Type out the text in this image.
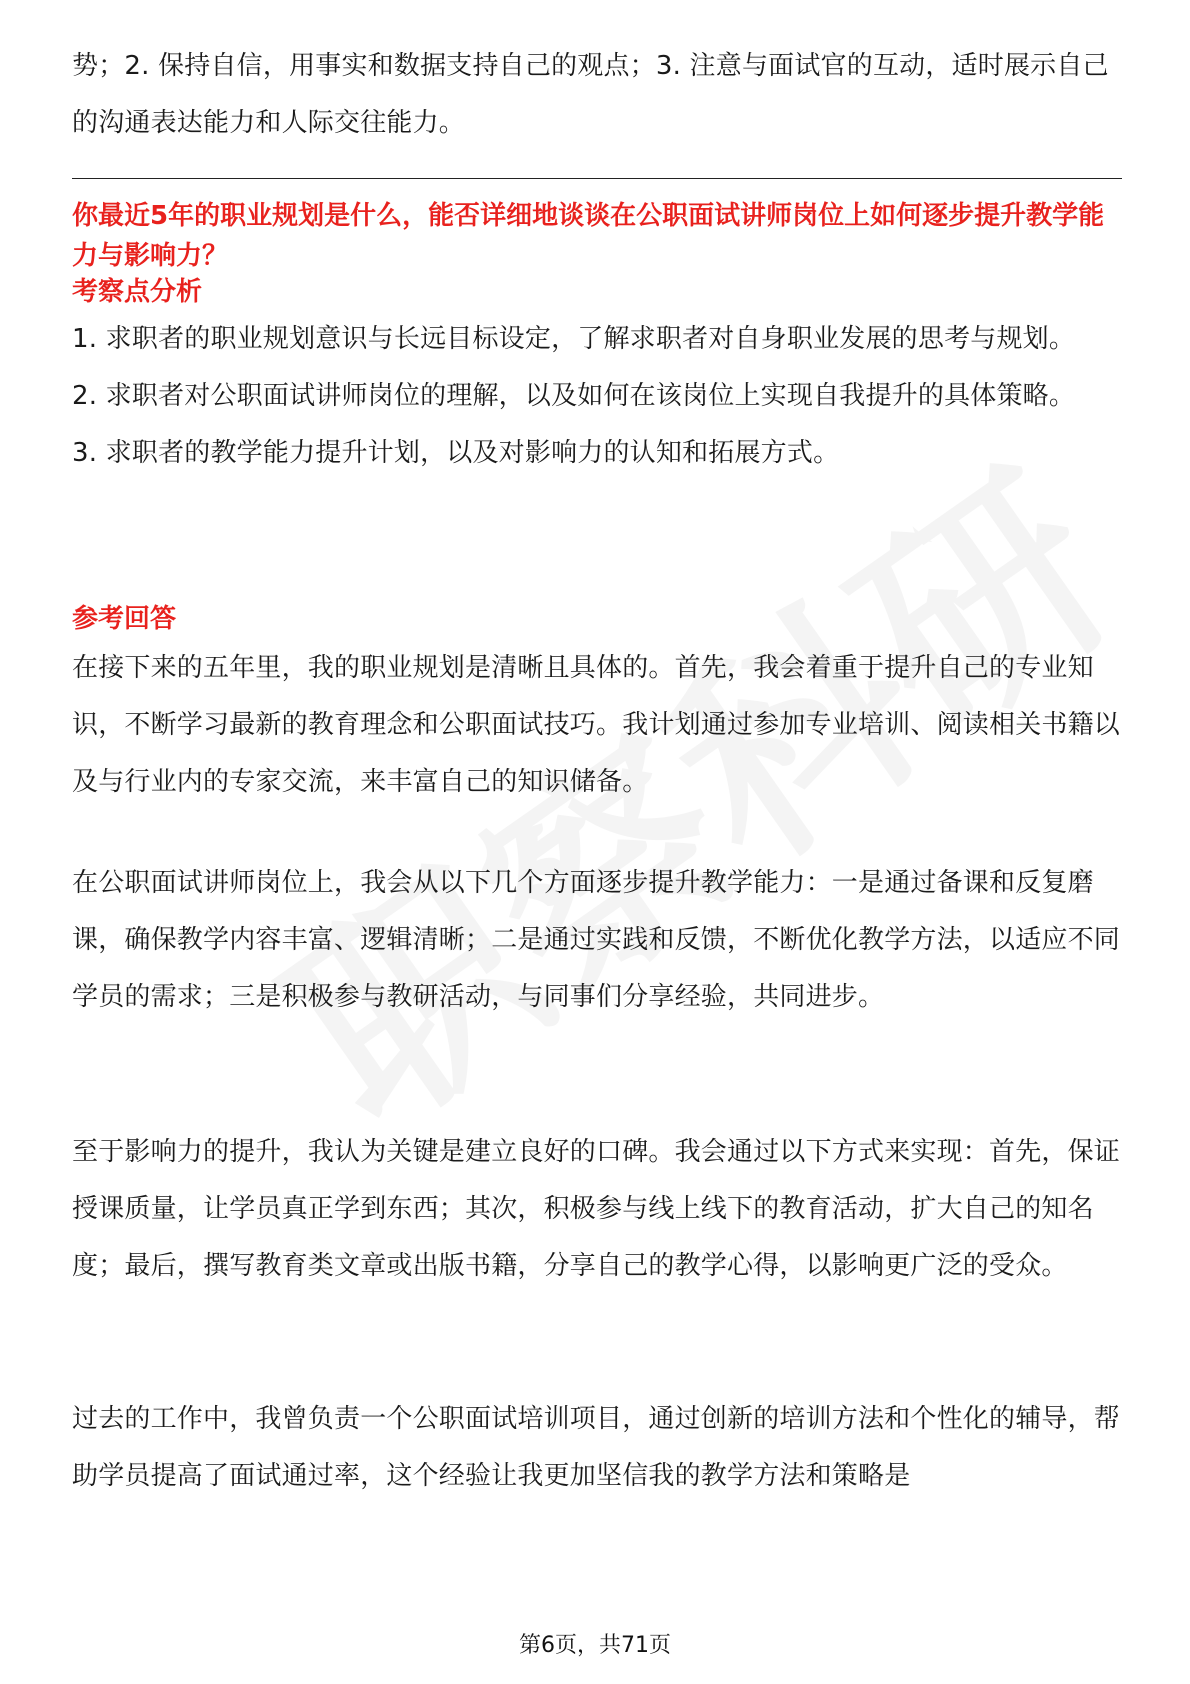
势；2. 保持自信，用事实和数据支持自己的观点；3. 注意与面试官的互动，适时展示自己的沟通表达能力和人际交往能力。

你最近5年的职业规划是什么，能否详细地谈谈在公职面试讲师岗位上如何逐步提升教学能力与影响力？

考察点分析

1. 求职者的职业规划意识与长远目标设定，了解求职者对自身职业发展的思考与规划。

2. 求职者对公职面试讲师岗位的理解，以及如何在该岗位上实现自我提升的具体策略。

3. 求职者的教学能力提升计划，以及对影响力的认知和拓展方式。

参考回答

在接下来的五年里，我的职业规划是清晰且具体的。首先，我会着重于提升自己的专业知识，不断学习最新的教育理念和公职面试技巧。我计划通过参加专业培训、阅读相关书籍以及与行业内的专家交流，来丰富自己的知识储备。

在公职面试讲师岗位上，我会从以下几个方面逐步提升教学能力：一是通过备课和反复磨课，确保教学内容丰富、逻辑清晰；二是通过实践和反馈，不断优化教学方法，以适应不同学员的需求；三是积极参与教研活动，与同事们分享经验，共同进步。

至于影响力的提升，我认为关键是建立良好的口碑。我会通过以下方式来实现：首先，保证授课质量，让学员真正学到东西；其次，积极参与线上线下的教育活动，扩大自己的知名度；最后，撰写教育类文章或出版书籍，分享自己的教学心得，以影响更广泛的受众。

过去的工作中，我曾负责一个公职面试培训项目，通过创新的培训方法和个性化的辅导，帮助学员提高了面试通过率，这个经验让我更加坚信我的教学方法和策略是

第6页，共71页
